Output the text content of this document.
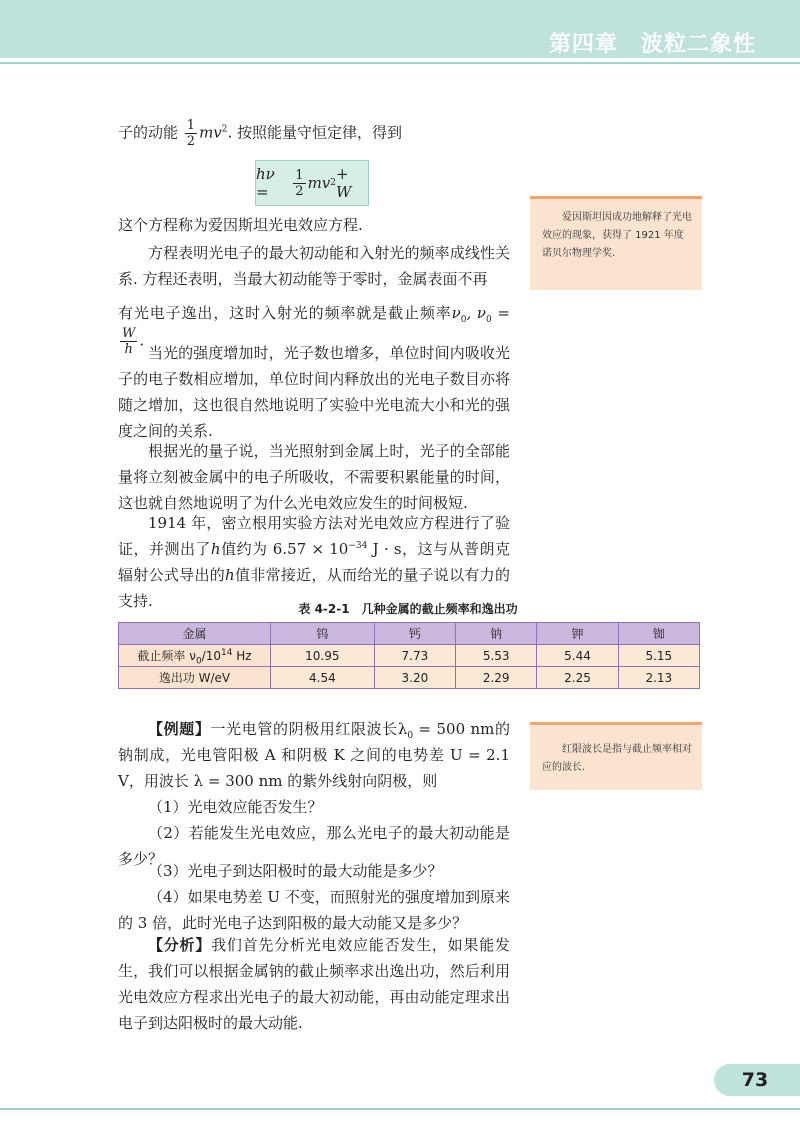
第四章　波粒二象性
子的动能 $\frac{1}{2} mv^2$. 按照能量守恒定律，得到
hν =	$\frac{1}{2}$ mv 2 + W

这个方程称为爱因斯坦光电效应方程.

方程表明光电子的最大初动能和入射光的频率成线性关系. 方程还表明，当最大初动能等于零时，金属表面不再

有光电子逸出，这时入射光的频率就是截止频率$\nu_0$, $\nu_0$ =
$\frac{W}{h}$ .

当光的强度增加时，光子数也增多，单位时间内吸收光子的电子数相应增加，单位时间内释放出的光电子数目亦将随之增加，这也很自然地说明了实验中光电流大小和光的强度之间的关系.

根据光的量子说，当光照射到金属上时，光子的全部能量将立刻被金属中的电子所吸收，不需要积累能量的时间，这也就自然地说明了为什么光电效应发生的时间极短.

1914 年，密立根用实验方法对光电效应方程进行了验证，并测出了h值约为 $6.57 \times 10^{-34}$ J · s，这与从普朗克辐射公式导出的h值非常接近，从而给光的量子说以有力的支持.

爱因斯坦因成功地解释了光电效应的现象，获得了 1921 年度诺贝尔物理学奖.

红限波长是指与截止频率相对应的波长.

表 4-2-1　几种金属的截止频率和逸出功
金属	钨	钙	钠	钾	铷
截止频率 $\nu_0/10^{14}$ Hz	10.95	7.73	5.53	5.44	5.15
逸出功 W/eV	4.54	3.20	2.29	2.25	2.13

【例题】一光电管的阴极用红限波长$\lambda_0 = 500$ nm的钠制成，光电管阳极 A 和阴极 K 之间的电势差 U = 2.1 V，用波长 λ = 300 nm 的紫外线射向阴极，则

（1）光电效应能否发生？

（2）若能发生光电效应，那么光电子的最大初动能是多少？

（3）光电子到达阳极时的最大动能是多少？

（4）如果电势差 U 不变，而照射光的强度增加到原来的 3 倍，此时光电子达到阳极的最大动能又是多少？

【分析】我们首先分析光电效应能否发生，如果能发生，我们可以根据金属钠的截止频率求出逸出功，然后利用光电效应方程求出光电子的最大初动能，再由动能定理求出电子到达阳极时的最大动能.

73
